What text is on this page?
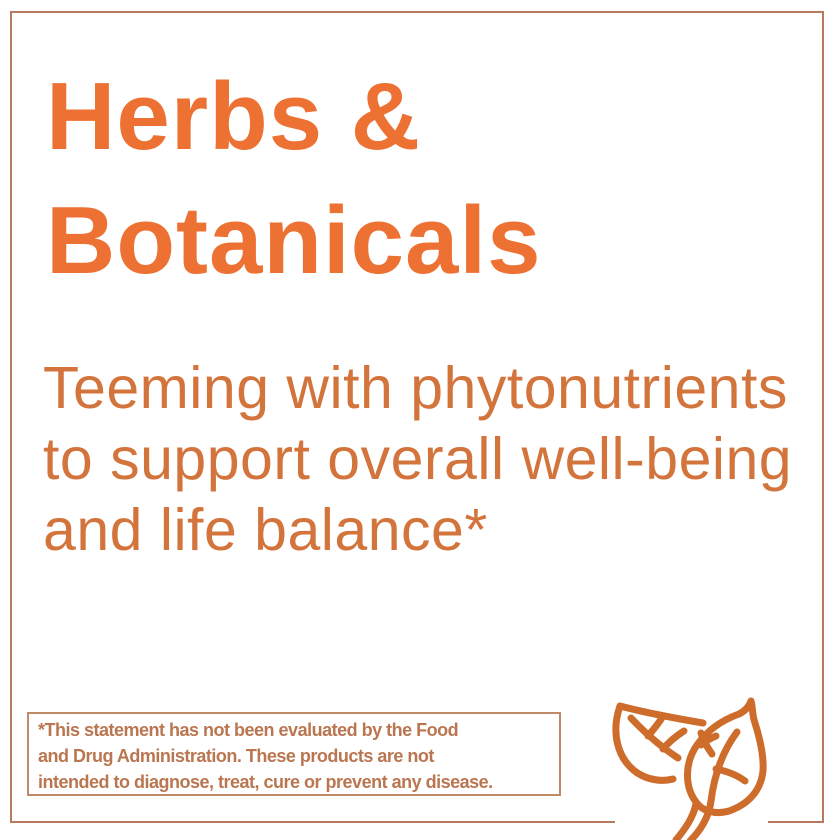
Herbs &
Botanicals
Teeming with phytonutrients
to support overall well-being
and life balance*
*This statement has not been evaluated by the Food
and Drug Administration. These products are not
intended to diagnose, treat, cure or prevent any disease.
